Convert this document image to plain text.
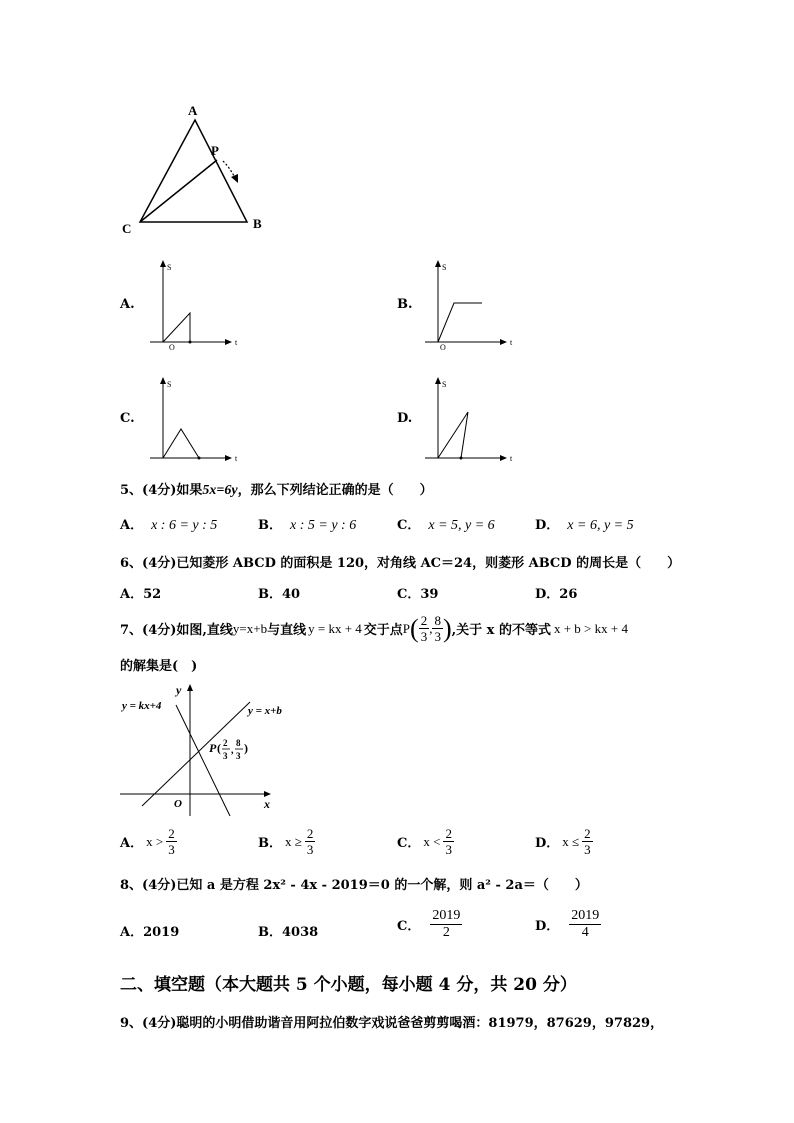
A
P
B
C
A.
S
t
O
B.
S
t
O
C.
S
t
D.
S
t
5、(4分)如果5x=6y，那么下列结论正确的是（　　）
A． x : 6 = y : 5	B． x : 5 = y : 6	C． x = 5, y = 6	D． x = 6, y = 5
6、(4分)已知菱形 ABCD 的面积是 120，对角线 AC＝24，则菱形 ABCD 的周长是（　　）
A．52	B．40	C．39	D．26
7、(4分)如图,直线 y=x+b 与直线 y = kx + 4 交于点 P ( $\frac{2}{3}$ , $\frac{8}{3}$ ) ,关于 x 的不等式 x + b > kx + 4
的解集是(　)
y = kx+4	y = x+b
y
x
O
P ( 2
3 ,
8
3
)
A． $x > \frac{2}{3}$	B． $x \ge \frac{2}{3}$	C． $x < \frac{2}{3}$	D． $x \le \frac{2}{3}$
8、(4分)已知 a 是方程 2x² - 4x - 2019＝0 的一个解，则 a² - 2a＝（　　）
A．2019	B．4038	C． $\frac{2019}{2}$	D． $\frac{2019}{4}$
二、填空题（本大题共 5 个小题，每小题 4 分，共 20 分）
9、(4分)聪明的小明借助谐音用阿拉伯数字戏说爸爸剪剪喝酒：81979，87629，97829，
